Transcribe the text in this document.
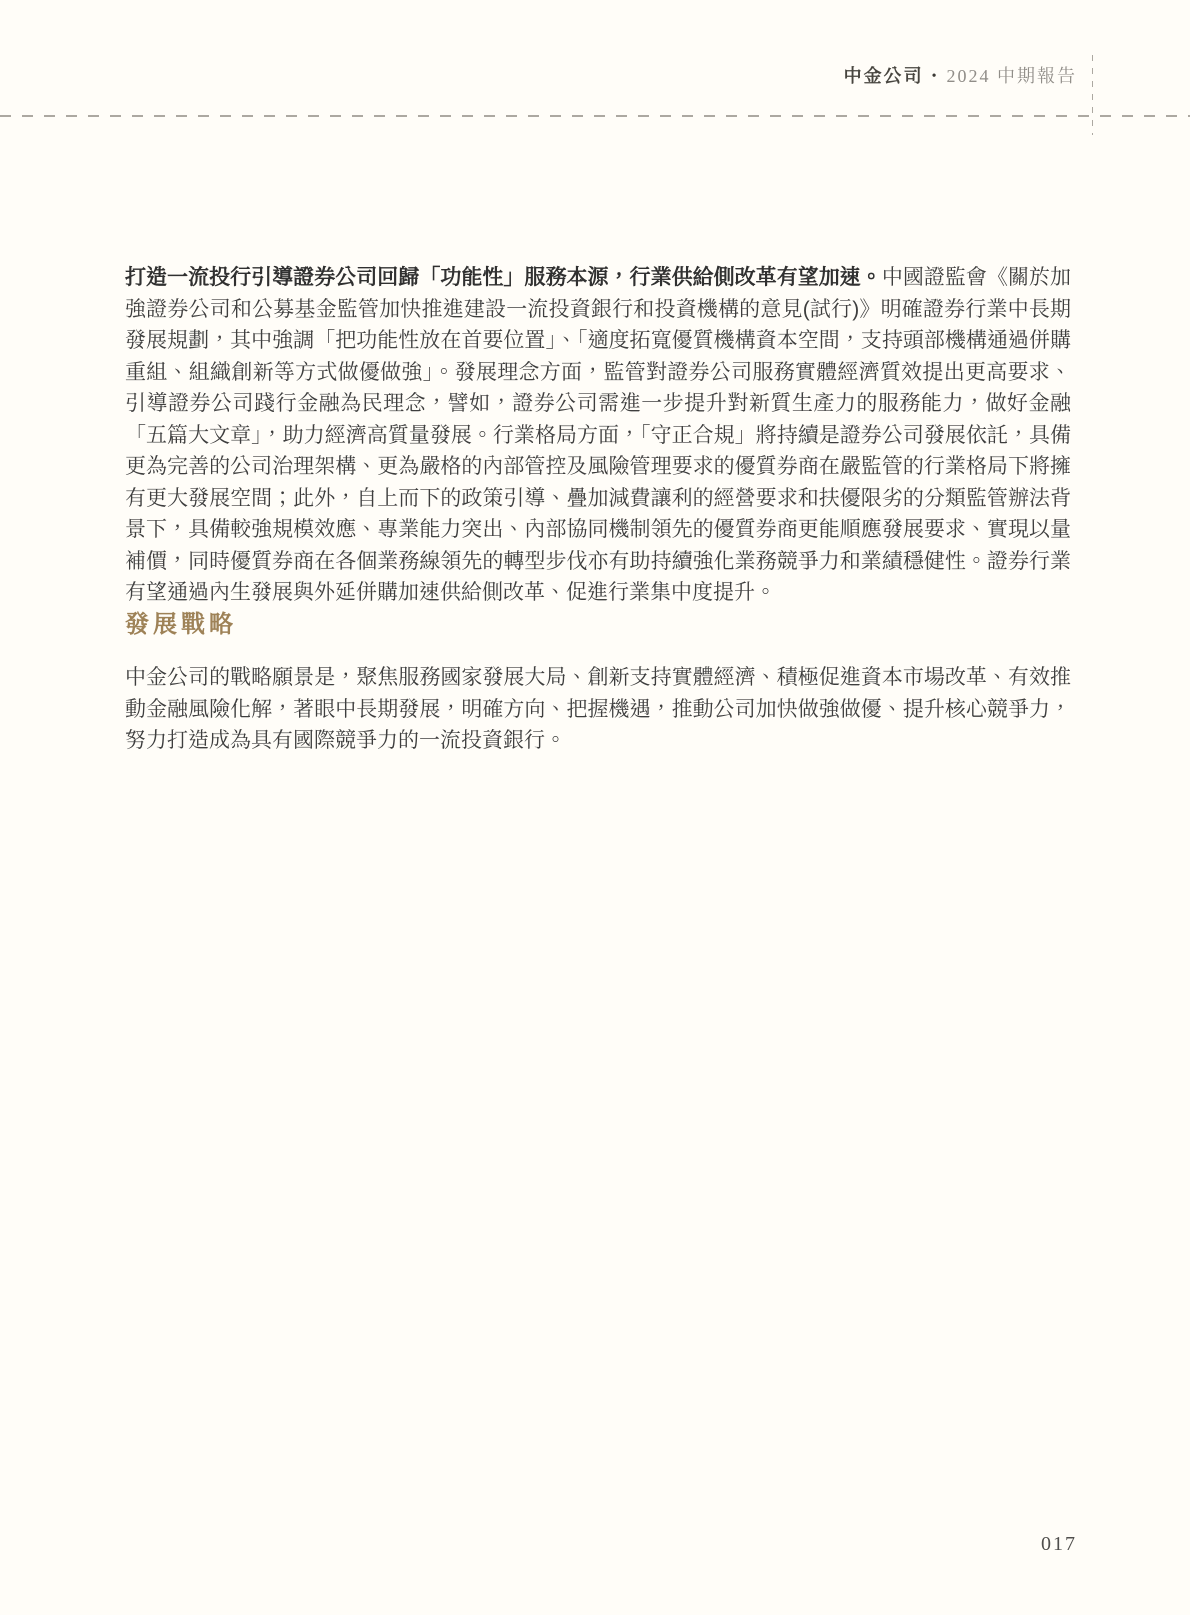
中金公司 • 2024 中期報告

打造一流投行引導證券公司回歸「功能性」服務本源，行業供給側改革有望加速。中國證監會《關於加強證券公司和公募基金監管加快推進建設一流投資銀行和投資機構的意見(試行)》明確證券行業中長期發展規劃，其中強調「把功能性放在首要位置」、「適度拓寬優質機構資本空間，支持頭部機構通過併購重組、組織創新等方式做優做強」。發展理念方面，監管對證券公司服務實體經濟質效提出更高要求、引導證券公司踐行金融為民理念，譬如，證券公司需進一步提升對新質生產力的服務能力，做好金融「五篇大文章」，助力經濟高質量發展。行業格局方面，「守正合規」將持續是證券公司發展依託，具備更為完善的公司治理架構、更為嚴格的內部管控及風險管理要求的優質券商在嚴監管的行業格局下將擁有更大發展空間；此外，自上而下的政策引導、疊加減費讓利的經營要求和扶優限劣的分類監管辦法背景下，具備較強規模效應、專業能力突出、內部協同機制領先的優質券商更能順應發展要求、實現以量補價，同時優質券商在各個業務線領先的轉型步伐亦有助持續強化業務競爭力和業績穩健性。證券行業有望通過內生發展與外延併購加速供給側改革、促進行業集中度提升。

發展戰略

中金公司的戰略願景是，聚焦服務國家發展大局、創新支持實體經濟、積極促進資本市場改革、有效推動金融風險化解，著眼中長期發展，明確方向、把握機遇，推動公司加快做強做優、提升核心競爭力，努力打造成為具有國際競爭力的一流投資銀行。

017
